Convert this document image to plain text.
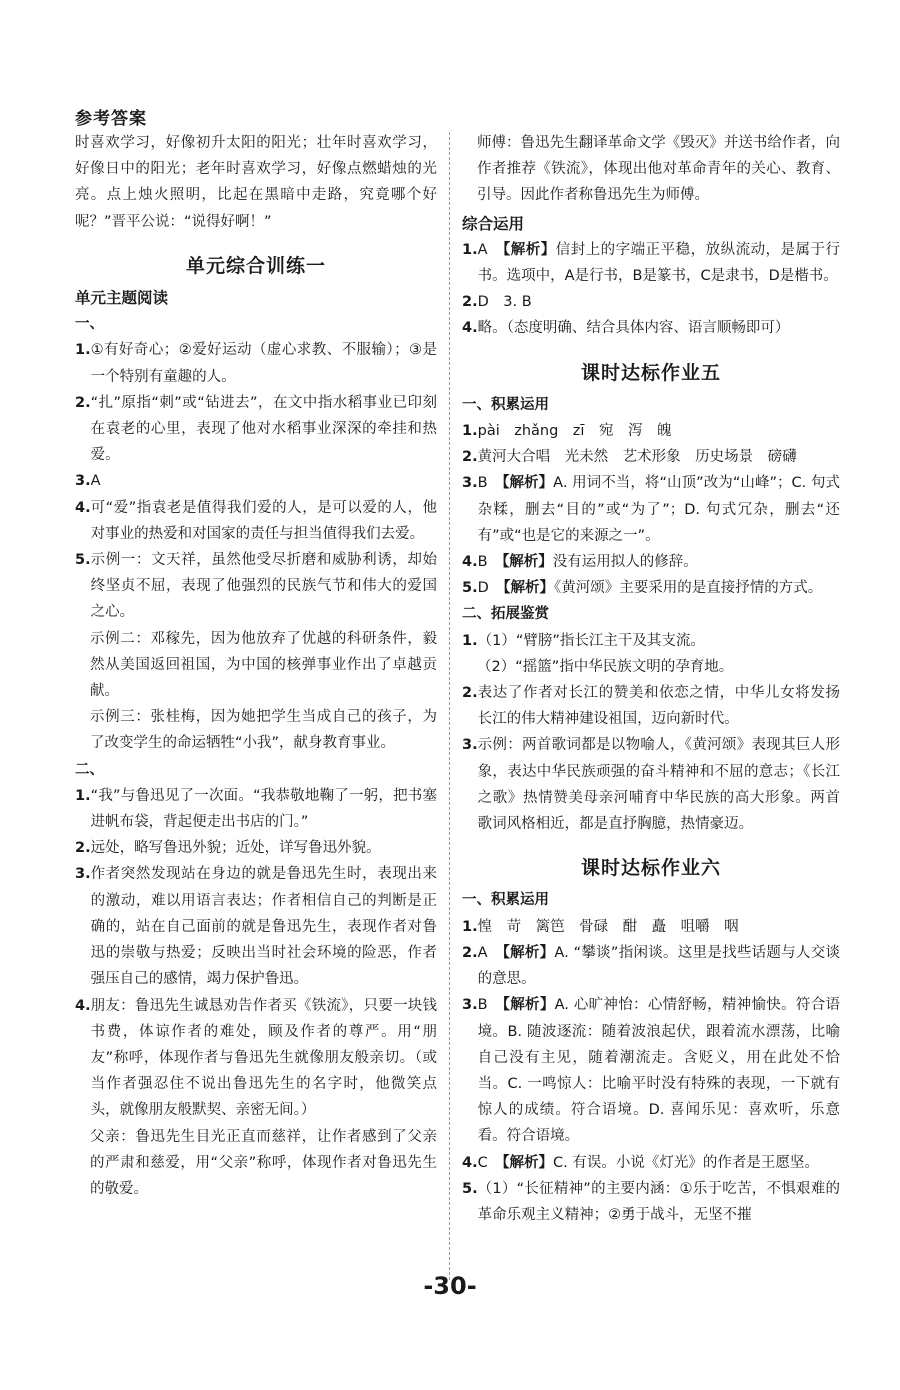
参考答案

时喜欢学习，好像初升太阳的阳光；壮年时喜欢学习，好像日中的阳光；老年时喜欢学习，好像点燃蜡烛的光亮。点上烛火照明，比起在黑暗中走路，究竟哪个好呢？”晋平公说：“说得好啊！”

单元综合训练一

单元主题阅读

一、

1. ①有好奇心；②爱好运动（虚心求教、不服输）；③是一个特别有童趣的人。
2. “扎”原指“刺”或“钻进去”，在文中指水稻事业已印刻在袁老的心里，表现了他对水稻事业深深的牵挂和热爱。
3. A
4. 可“爱”指袁老是值得我们爱的人，是可以爱的人，他对事业的热爱和对国家的责任与担当值得我们去爱。
5. 示例一：文天祥，虽然他受尽折磨和威胁利诱，却始终坚贞不屈，表现了他强烈的民族气节和伟大的爱国之心。

示例二：邓稼先，因为他放弃了优越的科研条件，毅然从美国返回祖国，为中国的核弹事业作出了卓越贡献。

示例三：张桂梅，因为她把学生当成自己的孩子，为了改变学生的命运牺牲“小我”，献身教育事业。

二、

1. “我”与鲁迅见了一次面。“我恭敬地鞠了一躬，把书塞进帆布袋，背起便走出书店的门。”
2. 远处，略写鲁迅外貌；近处，详写鲁迅外貌。
3. 作者突然发现站在身边的就是鲁迅先生时，表现出来的激动，难以用语言表达；作者相信自己的判断是正确的，站在自己面前的就是鲁迅先生，表现作者对鲁迅的崇敬与热爱；反映出当时社会环境的险恶，作者强压自己的感情，竭力保护鲁迅。
4. 朋友：鲁迅先生诚恳劝告作者买《铁流》，只要一块钱书费，体谅作者的难处，顾及作者的尊严。用“朋友”称呼，体现作者与鲁迅先生就像朋友般亲切。（或当作者强忍住不说出鲁迅先生的名字时，他微笑点头，就像朋友般默契、亲密无间。）

父亲：鲁迅先生目光正直而慈祥，让作者感到了父亲的严肃和慈爱，用“父亲”称呼，体现作者对鲁迅先生的敬爱。

师傅：鲁迅先生翻译革命文学《毁灭》并送书给作者，向作者推荐《铁流》，体现出他对革命青年的关心、教育、引导。因此作者称鲁迅先生为师傅。

综合运用

1. A　 【解析】信封上的字端正平稳，放纵流动，是属于行书。选项中，A是行书，B是篆书，C是隶书，D是楷书。
2. D　3. B
4. 略。（态度明确、结合具体内容、语言顺畅即可）
课时达标作业五

一、积累运用

1. pài　zhǎng　zī　宛　泻　魄
2. 黄河大合唱　光未然　艺术形象　历史场景　磅礴
3. B　 【解析】A. 用词不当，将“山顶”改为“山峰”；C. 句式杂糅，删去“目的”或“为了”；D. 句式冗杂，删去“还有”或“也是它的来源之一”。
4. B　 【解析】没有运用拟人的修辞。
5. D　 【解析】《黄河颂》主要采用的是直接抒情的方式。

二、拓展鉴赏

1. （1）“臂膀”指长江主干及其支流。

（2）“摇篮”指中华民族文明的孕育地。

2. 表达了作者对长江的赞美和依恋之情，中华儿女将发扬长江的伟大精神建设祖国，迈向新时代。
3. 示例：两首歌词都是以物喻人，《黄河颂》表现其巨人形象，表达中华民族顽强的奋斗精神和不屈的意志；《长江之歌》热情赞美母亲河哺育中华民族的高大形象。两首歌词风格相近，都是直抒胸臆，热情豪迈。
课时达标作业六

一、积累运用

1. 惶　苛　篱笆　骨碌　酣　矗　咀嚼　咽
2. A　 【解析】A. “攀谈”指闲谈。这里是找些话题与人交谈的意思。
3. B　 【解析】A. 心旷神怡：心情舒畅，精神愉快。符合语境。B. 随波逐流：随着波浪起伏，跟着流水漂荡，比喻自己没有主见，随着潮流走。含贬义，用在此处不恰当。C. 一鸣惊人：比喻平时没有特殊的表现，一下就有惊人的成绩。符合语境。D. 喜闻乐见：喜欢听，乐意看。符合语境。
4. C　 【解析】C. 有误。小说《灯光》的作者是王愿坚。
5. （1）“长征精神”的主要内涵：①乐于吃苦，不惧艰难的革命乐观主义精神；②勇于战斗，无坚不摧
-30-
